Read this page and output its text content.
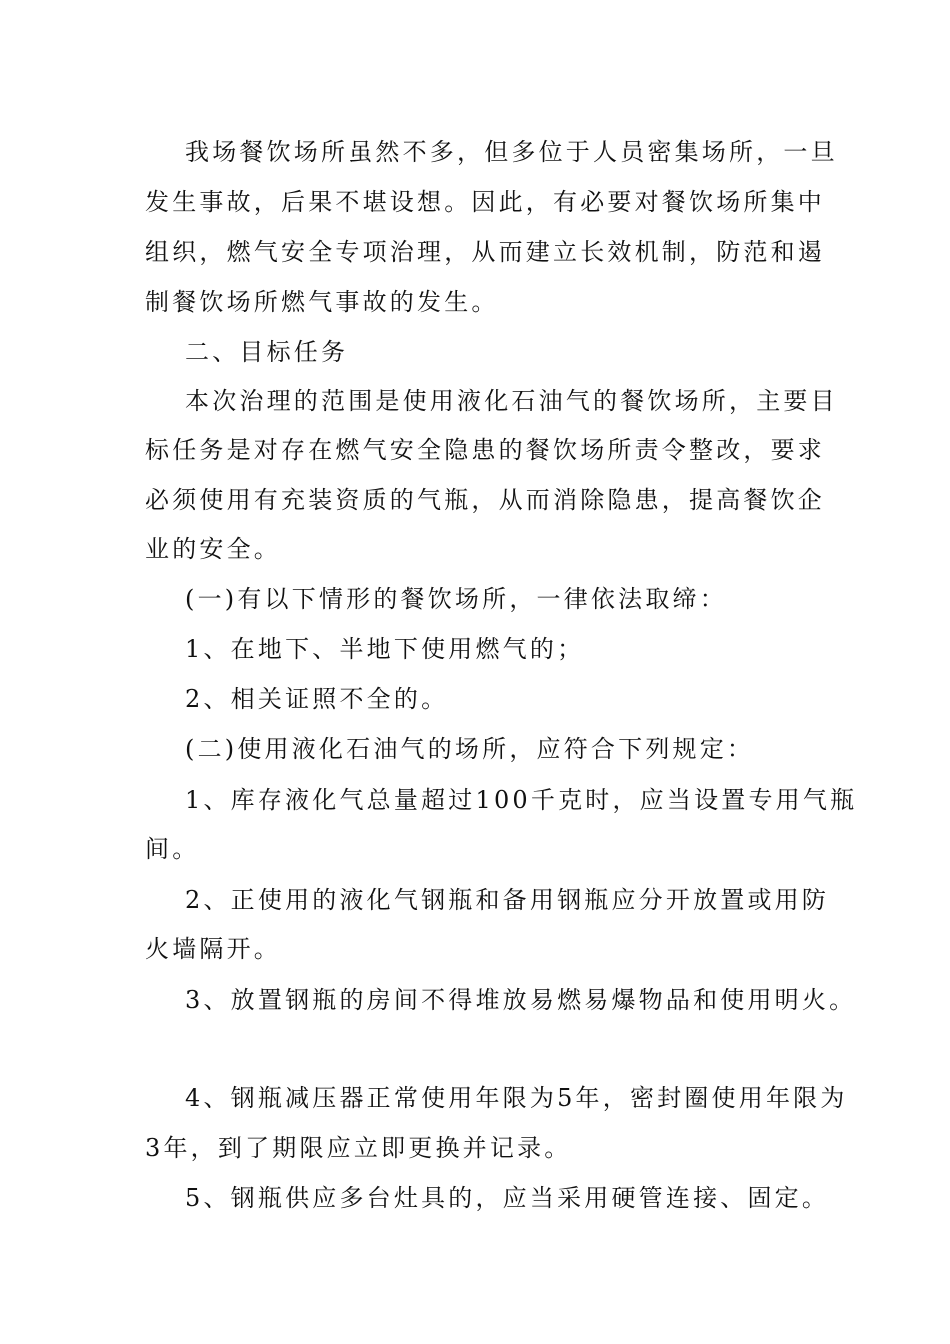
我场餐饮场所虽然不多，但多位于人员密集场所，一旦
发生事故，后果不堪设想。因此，有必要对餐饮场所集中
组织，燃气安全专项治理，从而建立长效机制，防范和遏
制餐饮场所燃气事故的发生。
二、目标任务
本次治理的范围是使用液化石油气的餐饮场所，主要目
标任务是对存在燃气安全隐患的餐饮场所责令整改，要求
必须使用有充装资质的气瓶，从而消除隐患，提高餐饮企
业的安全。
(一)有以下情形的餐饮场所，一律依法取缔：
1、在地下、半地下使用燃气的；
2、相关证照不全的。
(二)使用液化石油气的场所，应符合下列规定：
1、库存液化气总量超过100千克时，应当设置专用气瓶
间。
2、正使用的液化气钢瓶和备用钢瓶应分开放置或用防
火墙隔开。
3、放置钢瓶的房间不得堆放易燃易爆物品和使用明火。
4、钢瓶减压器正常使用年限为5年，密封圈使用年限为
3年，到了期限应立即更换并记录。
5、钢瓶供应多台灶具的，应当采用硬管连接、固定。
